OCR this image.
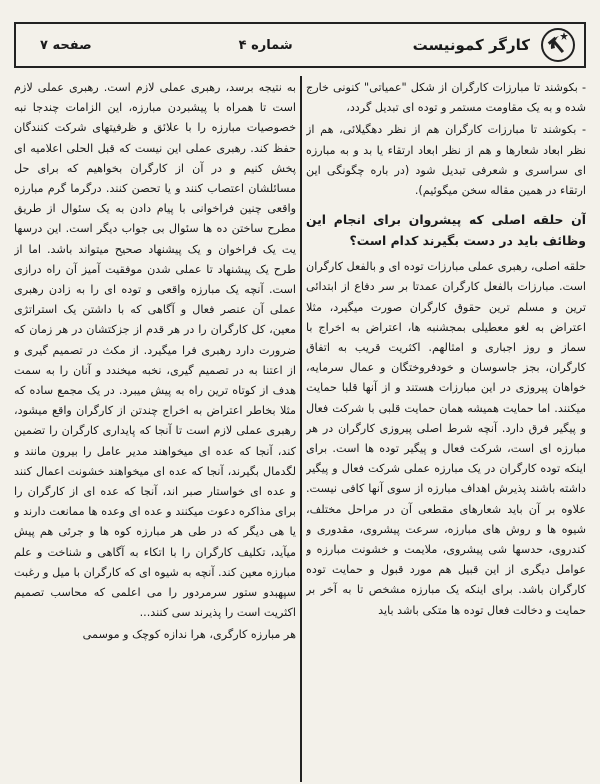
کارگر کمونیست
شماره ۴
صفحه ۷

- بکوشند تا مبارزات کارگران از شکل "عمیاتی" کنونی خارج شده و به یک مقاومت مستمر و توده ای تبدیل گردد،

- بکوشند تا مبارزات کارگران هم از نظر دهگیلائی، هم از نظر ابعاد شعارها و هم از نظر ابعاد ارتقاء یا بد و به مبارزه ای سراسری و شعرفی تبدیل شود (در باره چگونگی این ارتقاء در همین مقاله سخن میگوئیم).

آن حلقه اصلی که پیشروان برای انجام این وظائف باید در دست بگیرند کدام است؟

حلقه اصلی، رهبری عملی مبارزات توده ای و بالفعل کارگران است. مبارزات بالفعل کارگران عمدتا بر سر دفاع از ابتدائی ترین و مسلم ترین حقوق کارگران صورت میگیرد، مثلا اعتراض به لغو معطیلی بمجشنبه ها، اعتراض به اخراج با سماز و روز اجباری و امثالهم. اکثریت قریب به اتفاق کارگران، بجز جاسوسان و خودفروختگان و عمال سرمایه، خواهان پیروزی در این مبارزات هستند و از آنها قلبا حمایت میکنند. اما حمایت همیشه همان حمایت قلبی با شرکت فعال و پیگیر فرق دارد. آنچه شرط اصلی پیروزی کارگران در هر مبارزه ای است، شرکت فعال و پیگیر توده ها است. برای اینکه توده کارگران در یک مبارزه عملی شرکت فعال و پیگیر داشته باشند پذیرش اهداف مبارزه از سوی آنها کافی نیست. علاوه بر آن باید شعارهای مقطعی آن در مراحل مختلف، شیوه ها و روش های مبارزه، سرعت پیشروی، مقدوری و کندروی، حدسها شی پیشروی، ملایمت و خشونت مبارزه و عوامل دیگری از این قبیل هم مورد قبول و حمایت توده کارگران باشد. برای اینکه یک مبارزه مشخص تا به آخر بر حمایت و دخالت فعال توده ها متکی باشد باید

به نتیجه برسد، رهبری عملی لازم است. رهبری عملی لازم است تا همراه با پیشبردن مبارزه، این الزامات چندجا نبه خصوصیات مبارزه را با علائق و ظرفیتهای شرکت کنندگان حفظ کند. رهبری عملی این نیست که قبل الحلی اعلامیه ای پخش کنیم و در آن از کارگران بخواهیم که برای حل مسائلشان اعتصاب کنند و یا تحصن کنند. درگرما گرم مبارزه واقعی چنین فراخوانی با پیام دادن به یک سئوال از طریق مطرح ساختن ده ها سئوال بی جواب دیگر است. این درسها یت یک فراخوان و یک پیشنهاد صحیح میتواند باشد. اما از طرح یک پیشنهاد تا عملی شدن موفقیت آمیز آن راه درازی است. آنچه یک مبارزه واقعی و توده ای را به زادن رهبری عملی آن عنصر فعال و آگاهی که با داشتن یک استراتژی معین، کل کارگران را در هر قدم از جزکتشان در هر زمان که ضرورت دارد رهبری فرا میگیرد. از مکث در تصمیم گیری و از اعتنا به در تصمیم گیری، نخبه میخندد و آنان را به سمت هدف از کوتاه ترین راه به پیش میبرد. در یک مجمع ساده که مثلا بخاطر اعتراض به اخراج چندتن از کارگران واقع میشود، رهبری عملی لازم است تا آنجا که پایداری کارگران را تضمین کند، آنجا که عده ای میخواهند مدیر عامل را بیرون مانند و لگدمال بگیرند، آنجا که عده ای میخواهند خشونت اعمال کنند و عده ای خواستار صبر اند، آنجا که عده ای از کارگران را برای مذاکره دعوت میکنند و عده ای وعده ها ممانعت دارند و یا هی دیگر که در طی هر مبارزه کوه ها و جرئی هم پیش میآید، تکلیف کارگران را با اتکاء به آگاهی و شناخت و علم مبارزه معین کند. آنچه به شیوه ای که کارگران با میل و رغبت سپهبدو ستور سرمردور را می اعلمی که محاسب تصمیم اکثریت است را پذیرند سی کنند...

هر مبارزه کارگری، هرا ندازه کوچک و موسمی
